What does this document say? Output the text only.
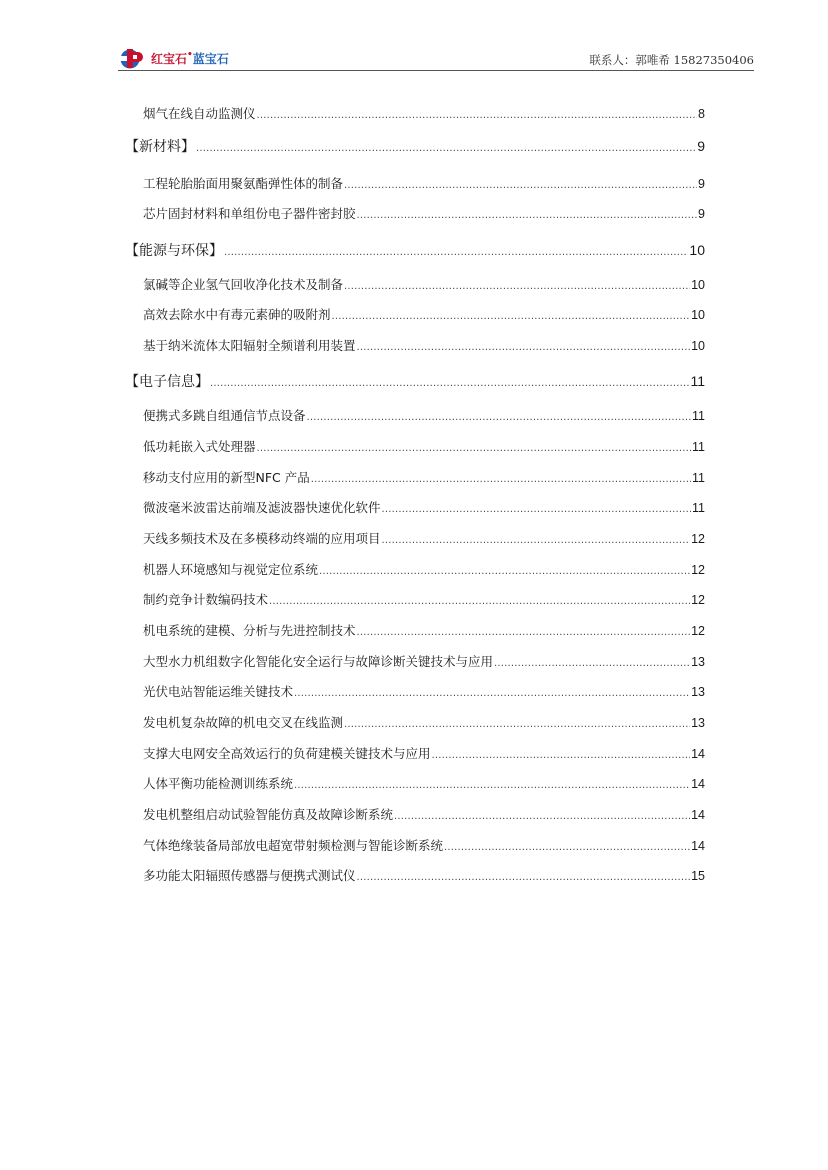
红宝石•蓝宝石	联系人：郭唯希 15827350406
烟气在线自动监测仪 .....	8
【新材料】 .....	9
工程轮胎胎面用聚氨酯弹性体的制备 .....	9
芯片固封材料和单组份电子器件密封胶 .....	9
【能源与环保】 .....	10
氯碱等企业氢气回收净化技术及制备 .....	10
高效去除水中有毒元素砷的吸附剂 .....	10
基于纳米流体太阳辐射全频谱利用装置 .....	10
【电子信息】 .....	11
便携式多跳自组通信节点设备 .....	11
低功耗嵌入式处理器 .....	11
移动支付应用的新型NFC 产品 .....	11
微波毫米波雷达前端及滤波器快速优化软件 .....	11
天线多频技术及在多模移动终端的应用项目 .....	12
机器人环境感知与视觉定位系统 .....	12
制约竞争计数编码技术 .....	12
机电系统的建模、分析与先进控制技术 .....	12
大型水力机组数字化智能化安全运行与故障诊断关键技术与应用 .....	13
光伏电站智能运维关键技术 .....	13
发电机复杂故障的机电交叉在线监测 .....	13
支撑大电网安全高效运行的负荷建模关键技术与应用 .....	14
人体平衡功能检测训练系统 .....	14
发电机整组启动试验智能仿真及故障诊断系统 .....	14
气体绝缘装备局部放电超宽带射频检测与智能诊断系统 .....	14
多功能太阳辐照传感器与便携式测试仪 .....	15
